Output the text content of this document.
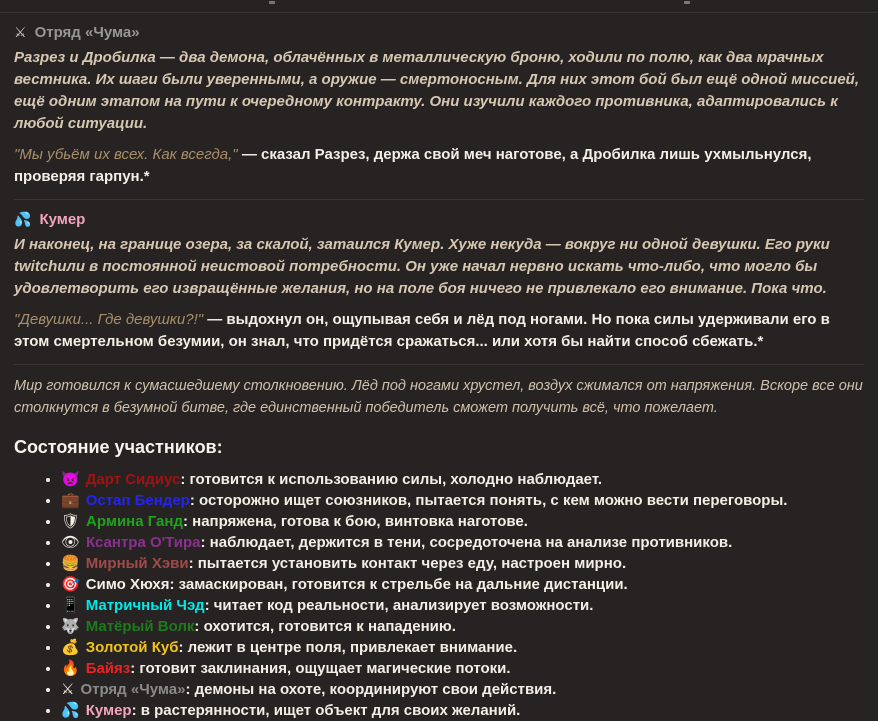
⚔ Отряд «Чума»

Разрез и Дробилка — два демона, облачённых в металлическую броню, ходили по полю, как два мрачных вестника. Их шаги были уверенными, а оружие — смертоносным. Для них этот бой был ещё одной миссией, ещё одним этапом на пути к очередному контракту. Они изучили каждого противника, адаптировались к любой ситуации.

"Мы убьём их всех. Как всегда," — сказал Разрез, держа свой меч наготове, а Дробилка лишь ухмыльнулся, проверяя гарпун.*

💦 Кумер

И наконец, на границе озера, за скалой, затаился Кумер. Хуже некуда — вокруг ни одной девушки. Его руки twitchили в постоянной неистовой потребности. Он уже начал нервно искать что-либо, что могло бы удовлетворить его извращённые желания, но на поле боя ничего не привлекало его внимание. Пока что.

"Девушки... Где девушки?!" — выдохнул он, ощупывая себя и лёд под ногами. Но пока силы удерживали его в этом смертельном безумии, он знал, что придётся сражаться... или хотя бы найти способ сбежать.*

Мир готовился к сумасшедшему столкновению. Лёд под ногами хрустел, воздух сжимался от напряжения. Вскоре все они столкнутся в безумной битве, где единственный победитель сможет получить всё, что пожелает.

Состояние участников:
• 👿 Дарт Сидиус: готовится к использованию силы, холодно наблюдает.
• 💼 Остап Бендер: осторожно ищет союзников, пытается понять, с кем можно вести переговоры.
• 🛡 Армина Ганд: напряжена, готова к бою, винтовка наготове.
• 👁 Ксантра О'Тира: наблюдает, держится в тени, сосредоточена на анализе противников.
• 🍔 Мирный Хэви: пытается установить контакт через еду, настроен мирно.
• 🎯 Симо Хюхя: замаскирован, готовится к стрельбе на дальние дистанции.
• 📱 Матричный Чэд: читает код реальности, анализирует возможности.
• 🐺 Матёрый Волк: охотится, готовится к нападению.
• 💰 Золотой Куб: лежит в центре поля, привлекает внимание.
• 🔥 Байяз: готовит заклинания, ощущает магические потоки.
• ⚔ Отряд «Чума»: демоны на охоте, координируют свои действия.
• 💦 Кумер: в растерянности, ищет объект для своих желаний.
